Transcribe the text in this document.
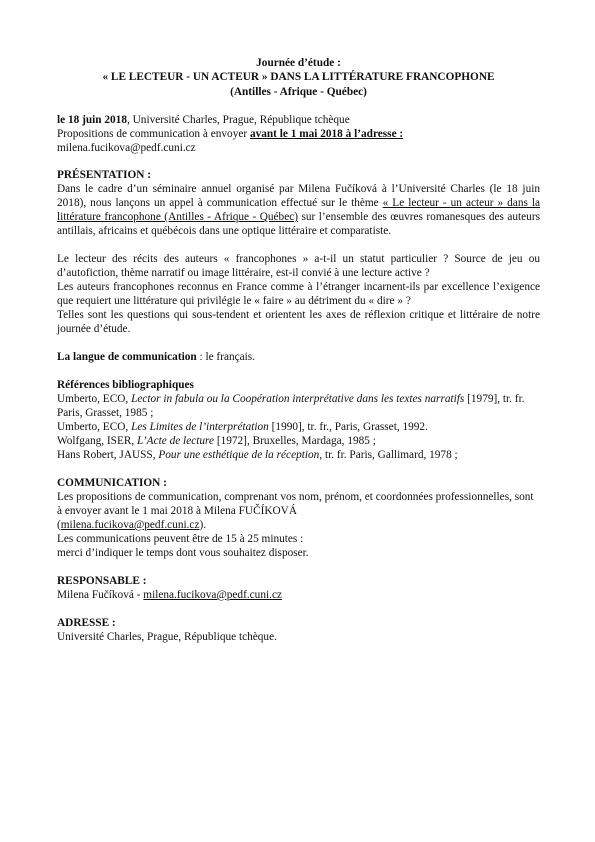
Journée d’étude :

« LE LECTEUR - UN ACTEUR » DANS LA LITTÉRATURE FRANCOPHONE

(Antilles - Afrique - Québec)

le 18 juin 2018, Université Charles, Prague, République tchèque

Propositions de communication à envoyer avant le 1 mai 2018 à l’adresse :

milena.fucikova@pedf.cuni.cz

PRÉSENTATION :

Dans le cadre d’un séminaire annuel organisé par Milena Fučíková à l’Université Charles (le 18 juin 2018), nous lançons un appel à communication effectué sur le thème « Le lecteur - un acteur » dans la littérature francophone (Antilles - Afrique - Québec) sur l’ensemble des œuvres romanesques des auteurs antillais, africains et québécois dans une optique littéraire et comparatiste.

Le lecteur des récits des auteurs « francophones » a-t-il un statut particulier ? Source de jeu ou d’autofiction, thème narratif ou image littéraire, est-il convié à une lecture active ?

Les auteurs francophones reconnus en France comme à l’étranger incarnent-ils par excellence l’exigence que requiert une littérature qui privilégie le « faire » au détriment du « dire » ?

Telles sont les questions qui sous-tendent et orientent les axes de réflexion critique et littéraire de notre journée d’étude.

La langue de communication : le français.

Références bibliographiques

Umberto, ECO, Lector in fabula ou la Coopération interprétative dans les textes narratifs [1979], tr. fr. Paris, Grasset, 1985 ;

Umberto, ECO, Les Limites de l’interprétation [1990], tr. fr., Paris, Grasset, 1992.

Wolfgang, ISER, L’Acte de lecture [1972], Bruxelles, Mardaga, 1985 ;

Hans Robert, JAUSS, Pour une esthétique de la réception, tr. fr. Paris, Gallimard, 1978 ;

COMMUNICATION :

Les propositions de communication, comprenant vos nom, prénom, et coordonnées professionnelles, sont à envoyer avant le 1 mai 2018 à Milena FUČÍKOVÁ

(milena.fucikova@pedf.cuni.cz).

Les communications peuvent être de 15 à 25 minutes :

merci d’indiquer le temps dont vous souhaitez disposer.

RESPONSABLE :

Milena Fučíková - milena.fucikova@pedf.cuni.cz

ADRESSE :

Université Charles, Prague, République tchèque.
